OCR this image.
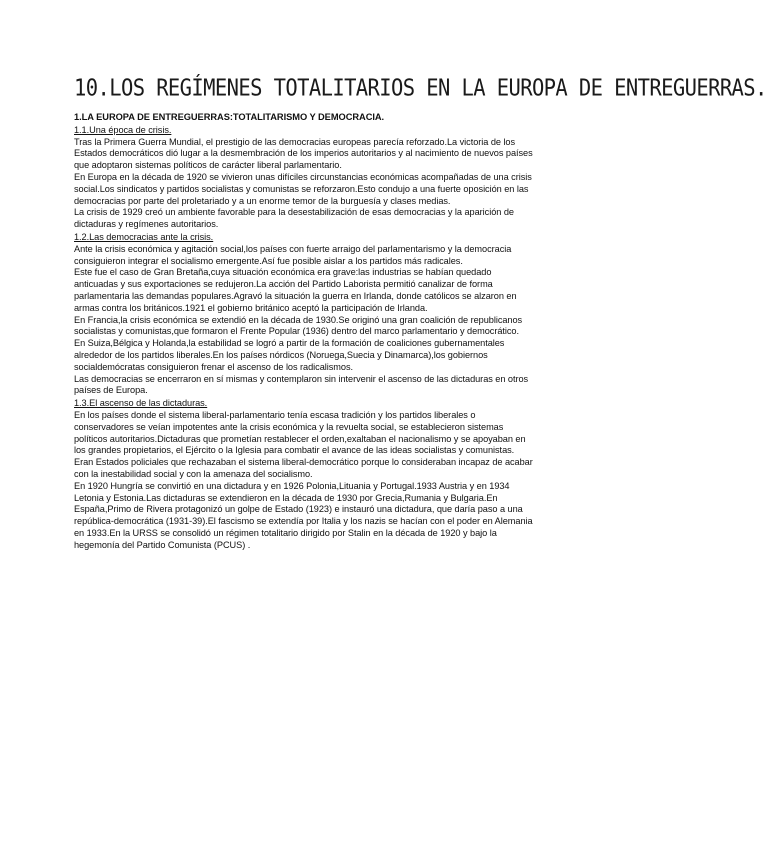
10.LOS REGÍMENES TOTALITARIOS EN LA EUROPA DE ENTREGUERRAS.

1.LA EUROPA DE ENTREGUERRAS:TOTALITARISMO Y DEMOCRACIA.

1.1.Una época de crisis.

Tras la Primera Guerra Mundial, el prestigio de las democracias europeas parecía reforzado.La victoria de los Estados democráticos dió lugar a la desmembración de los imperios autoritarios y al nacimiento de nuevos países que adoptaron sistemas políticos de carácter liberal parlamentario.

En Europa en la década de 1920 se vivieron unas difíciles circunstancias económicas acompañadas de una crisis social.Los sindicatos y partidos socialistas y comunistas se reforzaron.Esto condujo a una fuerte oposición en las democracias por parte del proletariado y a un enorme temor de la burguesía y clases medias.

La crisis de 1929 creó un ambiente favorable para la desestabilización de esas democracias y la aparición de dictaduras y regímenes autoritarios.

1.2.Las democracias ante la crisis.

Ante la crisis económica y agitación social,los países con fuerte arraigo del parlamentarismo y la democracia consiguieron integrar el socialismo emergente.Así fue posible aislar a los partidos más radicales.

Este fue el caso de Gran Bretaña,cuya situación económica era grave:las industrias se habían quedado anticuadas y sus exportaciones se redujeron.La acción del Partido Laborista permitió canalizar de forma parlamentaria las demandas populares.Agravó la situación la guerra en Irlanda, donde católicos se alzaron en armas contra los británicos.1921 el gobierno británico aceptó la participación de Irlanda.

En Francia,la crisis económica se extendió en la década de 1930.Se originó una gran coalición de republicanos socialistas y comunistas,que formaron el Frente Popular (1936) dentro del marco parlamentario y democrático.

En Suiza,Bélgica y Holanda,la estabilidad se logró a partir de la formación de coaliciones gubernamentales alrededor de los partidos liberales.En los países nórdicos (Noruega,Suecia y Dinamarca),los gobiernos socialdemócratas consiguieron frenar el ascenso de los radicalismos.

Las democracias se encerraron en sí mismas y contemplaron sin intervenir el ascenso de las dictaduras en otros países de Europa.

1.3.El ascenso de las dictaduras.

En los países donde el sistema liberal-parlamentario tenía escasa tradición y los partidos liberales o conservadores se veían impotentes ante la crisis económica y la revuelta social, se establecieron sistemas políticos autoritarios.Dictaduras que prometían restablecer el orden,exaltaban el nacionalismo y se apoyaban en los grandes propietarios, el Ejército o la Iglesia para combatir el avance de las ideas socialistas y comunistas. Eran Estados policiales que rechazaban el sistema liberal-democrático porque lo consideraban incapaz de acabar con la inestabilidad social y con la amenaza del socialismo.

En 1920 Hungría se convirtió en una dictadura y en 1926 Polonia,Lituania y Portugal.1933 Austria y en 1934 Letonia y Estonia.Las dictaduras se extendieron en la década de 1930 por Grecia,Rumania y Bulgaria.En España,Primo de Rivera protagonizó un golpe de Estado (1923) e instauró una dictadura, que daría paso a una república-democrática (1931-39).El fascismo se extendía por Italia y los nazis se hacían con el poder en Alemania en 1933.En la URSS se consolidó un régimen totalitario dirigido por Stalin en la década de 1920 y bajo la hegemonía del Partido Comunista (PCUS) .
